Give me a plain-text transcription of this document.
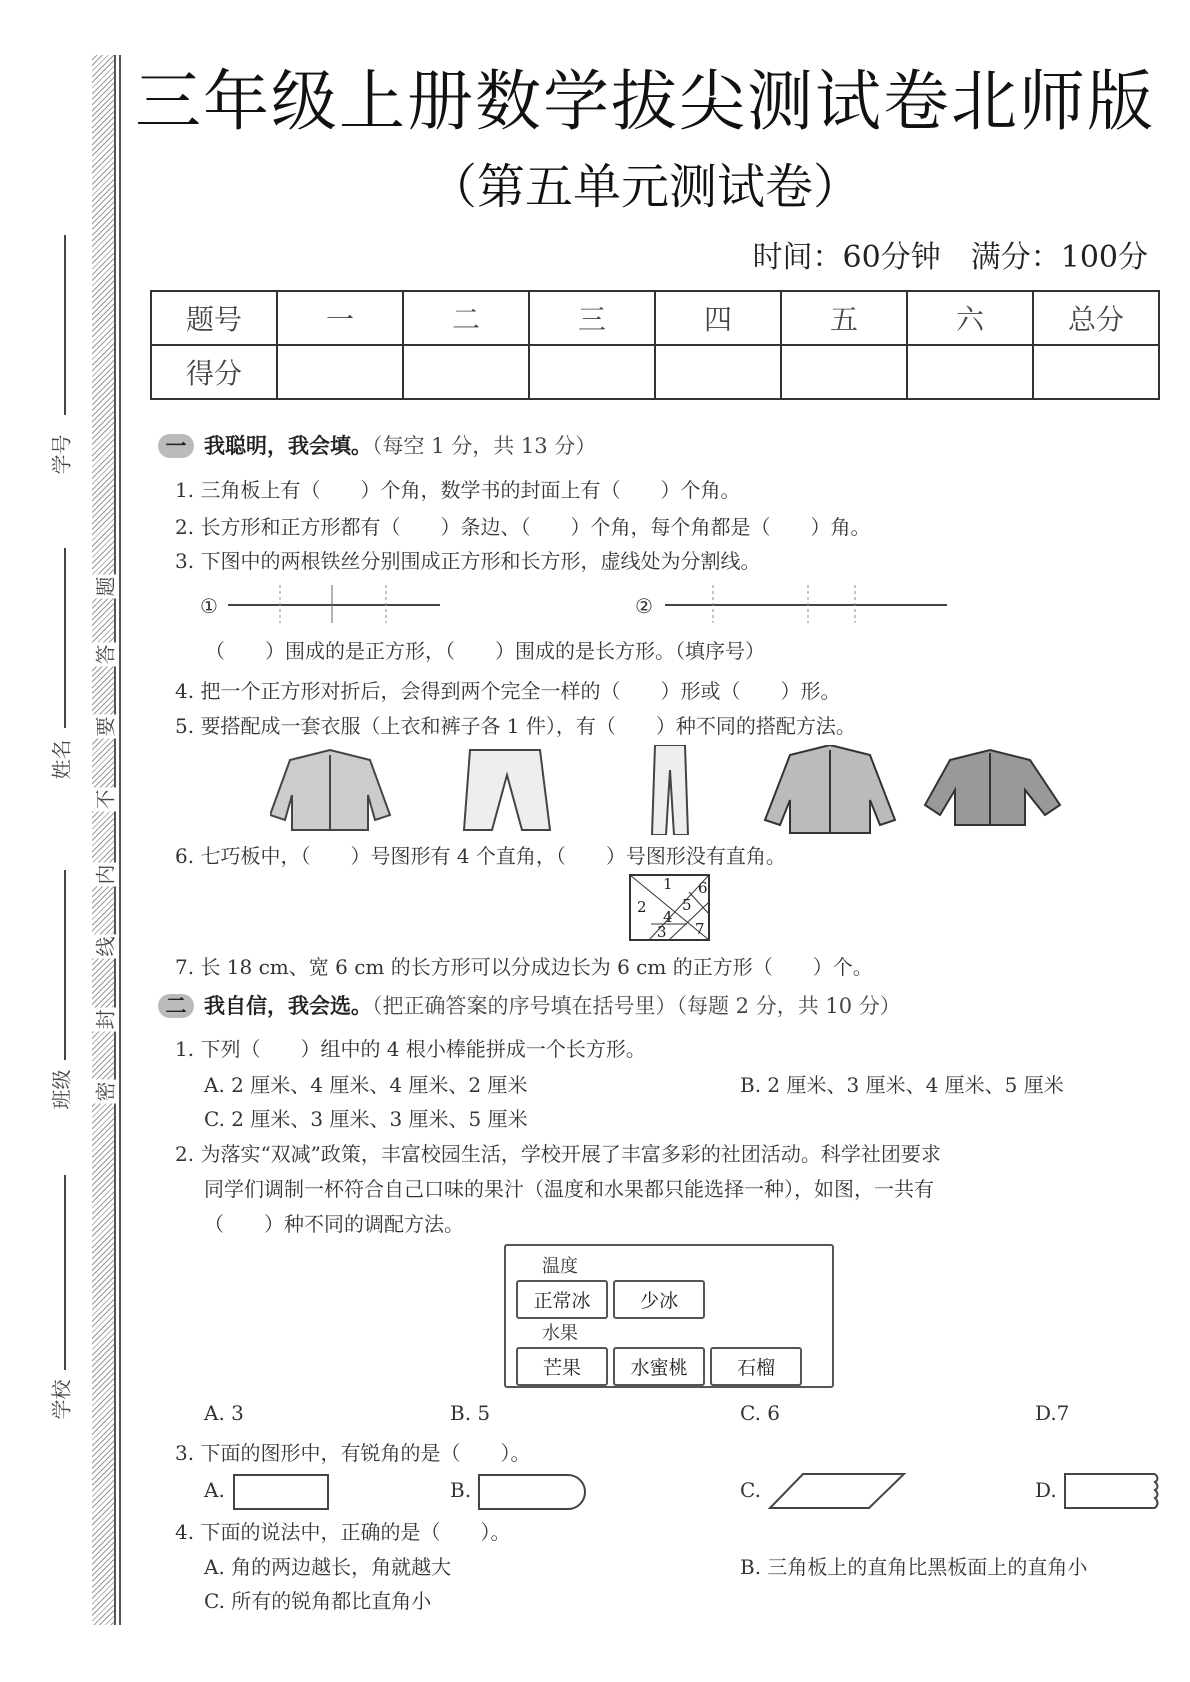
题
答
要
不
内
线
封
密
学号
姓名
班级
学校
三年级上册数学拔尖测试卷北师版
（第五单元测试卷）
时间：60分钟　满分：100分
题号	一	二	三	四	五	六	总分
得分							
一 我聪明，我会填。（每空 1 分，共 13 分）
1. 三角板上有（　　）个角，数学书的封面上有（　　）个角。
2. 长方形和正方形都有（　　）条边、（　　）个角，每个角都是（　　）角。
3. 下图中的两根铁丝分别围成正方形和长方形，虚线处为分割线。
①	②
（　　）围成的是正方形，（　　）围成的是长方形。（填序号）
4. 把一个正方形对折后，会得到两个完全一样的（　　）形或（　　）形。
5. 要搭配成一套衣服（上衣和裤子各 1 件），有（　　）种不同的搭配方法。
6. 七巧板中，（　　）号图形有 4 个直角，（　　）号图形没有直角。
1
2
3
4
5
6
7
7. 长 18 cm、宽 6 cm 的长方形可以分成边长为 6 cm 的正方形（　　）个。
二 我自信，我会选。（把正确答案的序号填在括号里）（每题 2 分，共 10 分）
1. 下列（　　）组中的 4 根小棒能拼成一个长方形。
A. 2 厘米、4 厘米、4 厘米、2 厘米	B. 2 厘米、3 厘米、4 厘米、5 厘米
C. 2 厘米、3 厘米、3 厘米、5 厘米
2. 为落实“双减”政策，丰富校园生活，学校开展了丰富多彩的社团活动。科学社团要求
同学们调制一杯符合自己口味的果汁（温度和水果都只能选择一种），如图，一共有
（　　）种不同的调配方法。
温度
正常冰	少冰
水果
芒果	水蜜桃	石榴
A. 3	B. 5	C. 6	D.7
3. 下面的图形中，有锐角的是（　　）。
A.	B.	C.	D.
4. 下面的说法中，正确的是（　　）。
A. 角的两边越长，角就越大	B. 三角板上的直角比黑板面上的直角小
C. 所有的锐角都比直角小
